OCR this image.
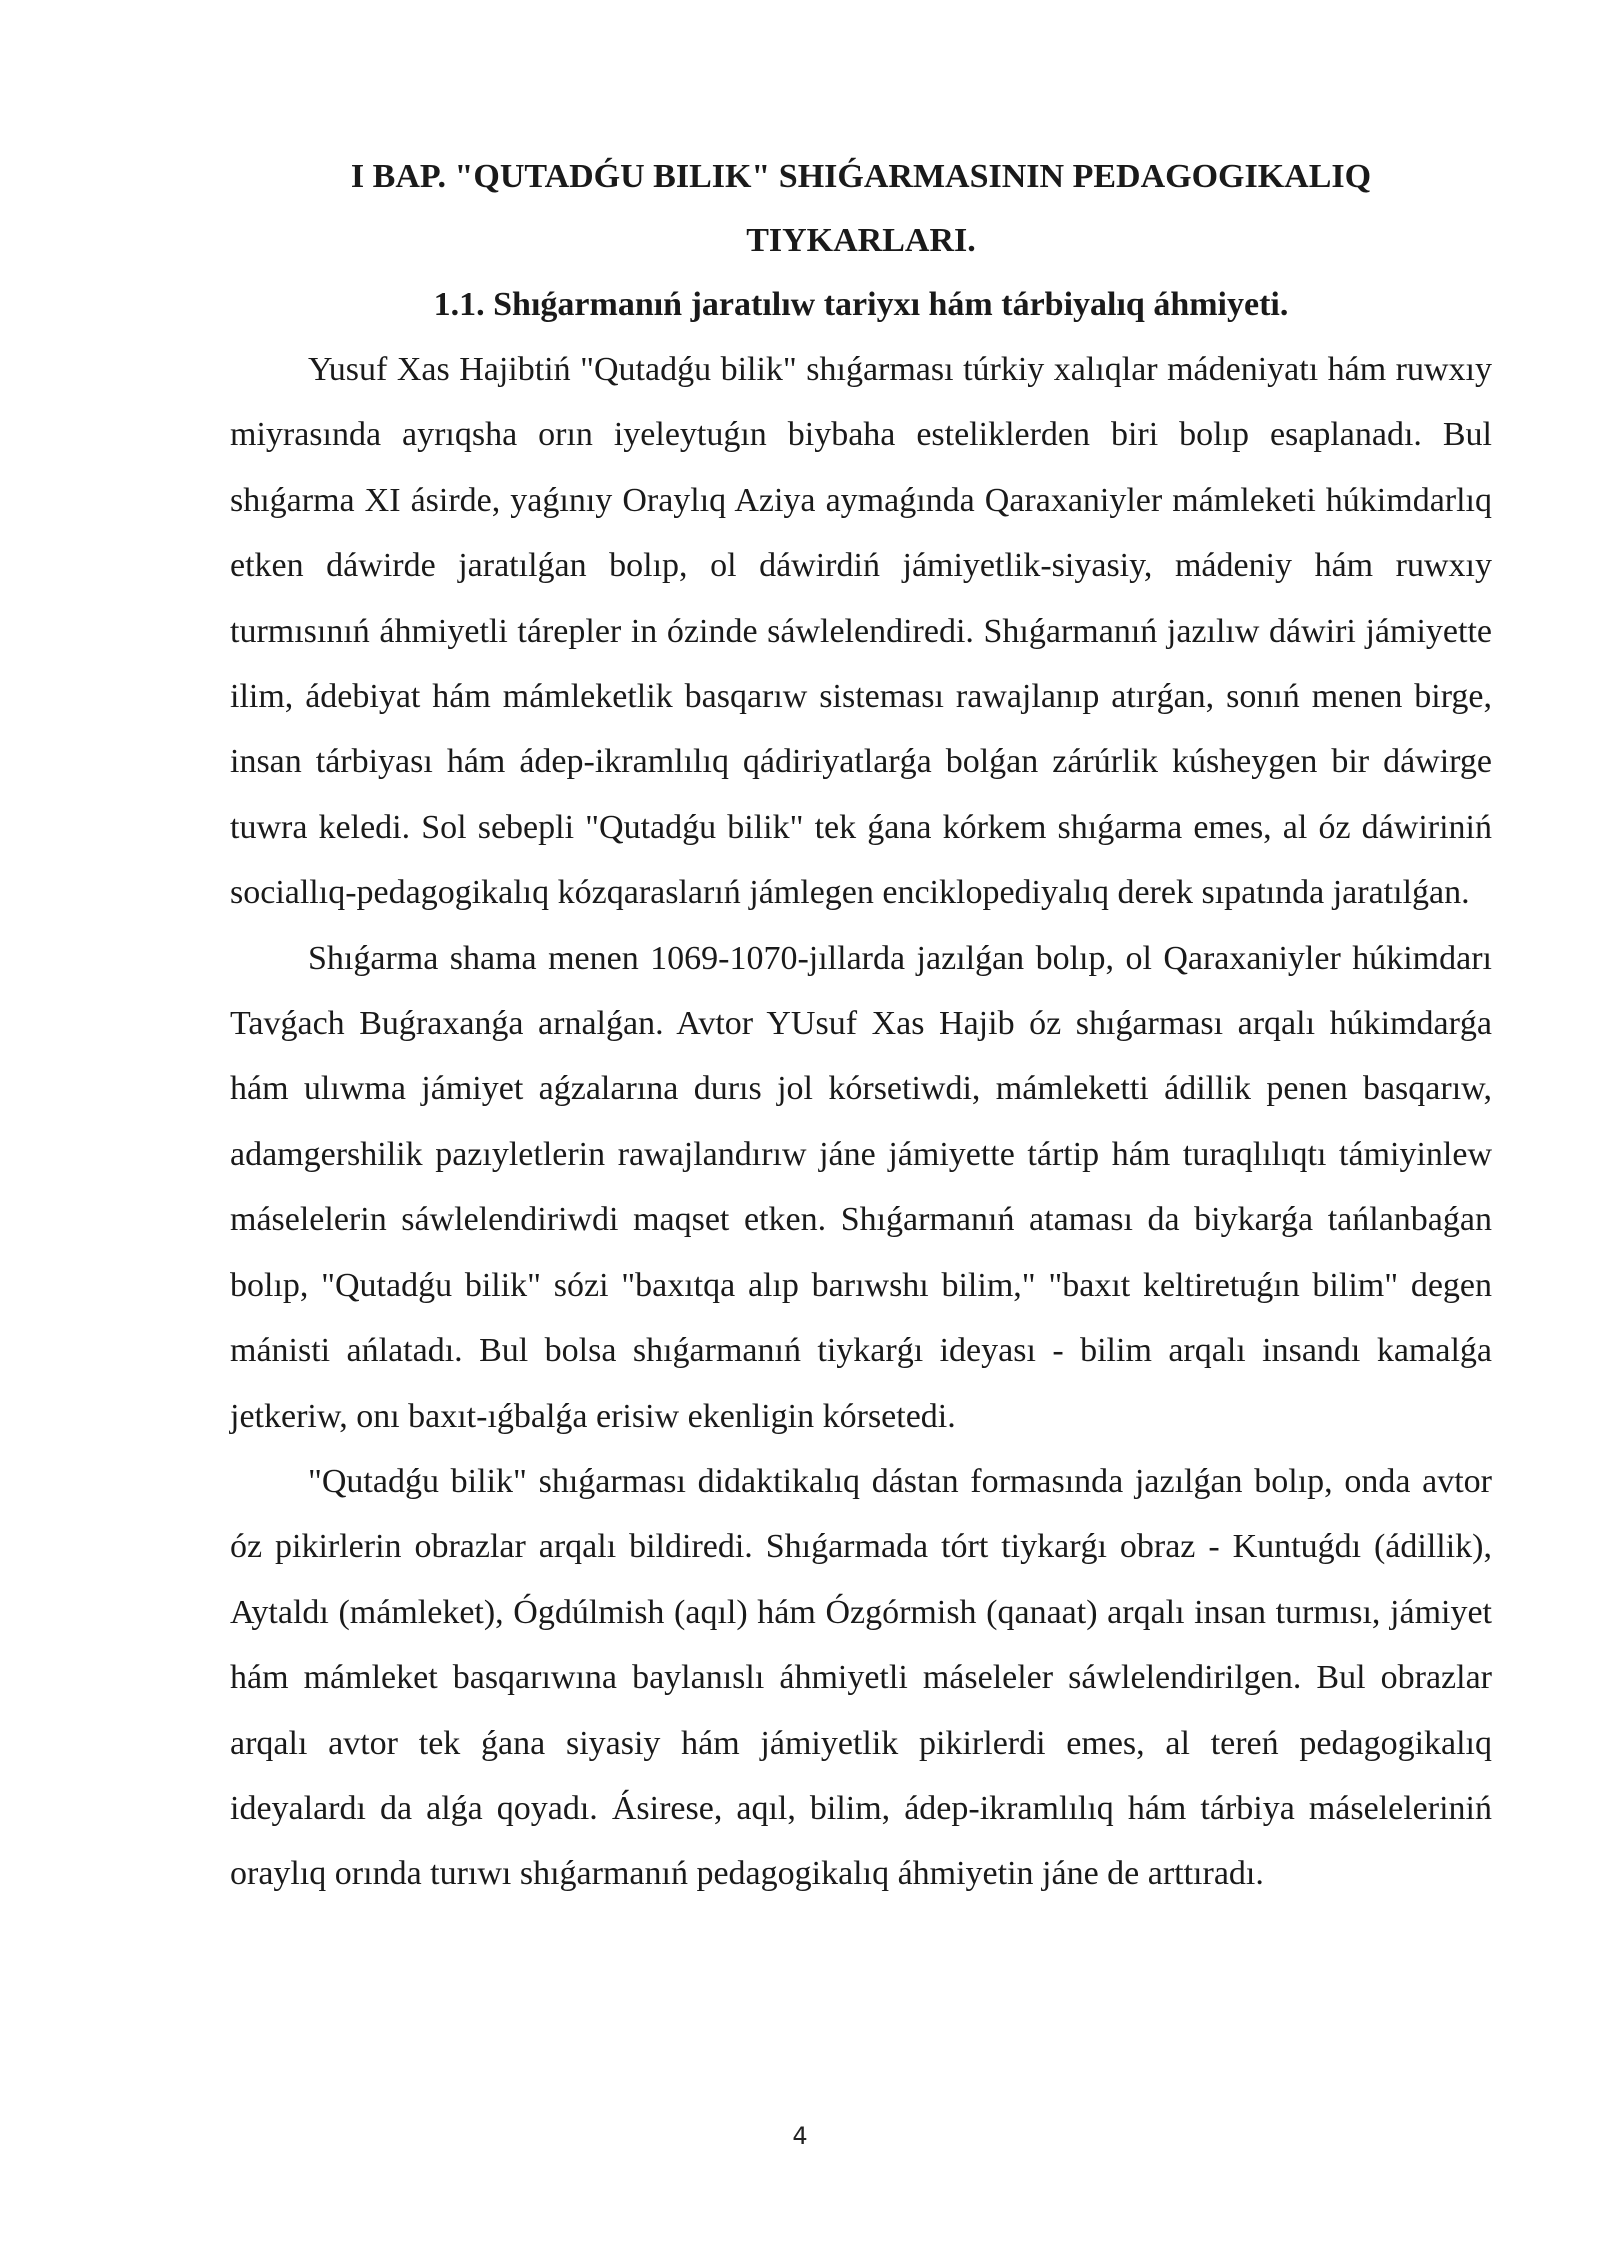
I BAP. "QUTADǴU BILIK" SHIǴARMASININ PEDAGOGIKALIQ
TIYKARLARI.
1.1. Shıǵarmanıń jaratılıw tariyxı hám tárbiyalıq áhmiyeti.

Yusuf Xas Hajibtiń "Qutadǵu bilik" shıǵarması túrkiy xalıqlar mádeniyatı hám ruwxıy miyrasında ayrıqsha orın iyeleytuǵın biybaha esteliklerden biri bolıp esaplanadı. Bul shıǵarma XI ásirde, yaǵınıy Oraylıq Aziya aymaǵında Qaraxaniyler mámleketi húkimdarlıq etken dáwirde jaratılǵan bolıp, ol dáwirdiń jámiyetlik-siyasiy, mádeniy hám ruwxıy turmısınıń áhmiyetli tárepler in ózinde sáwlelendiredi. Shıǵarmanıń jazılıw dáwiri jámiyette ilim, ádebiyat hám mámleketlik basqarıw sisteması rawajlanıp atırǵan, sonıń menen birge, insan tárbiyası hám ádep-ikramlılıq qádiriyatlarǵa bolǵan zárúrlik kúsheygen bir dáwirge tuwra keledi. Sol sebepli "Qutadǵu bilik" tek ǵana kórkem shıǵarma emes, al óz dáwiriniń sociallıq-pedagogikalıq kózqaraslarıń jámlegen enciklopediyalıq derek sıpatında jaratılǵan.

Shıǵarma shama menen 1069-1070-jıllarda jazılǵan bolıp, ol Qaraxaniyler húkimdarı Tavǵach Buǵraxanǵa arnalǵan. Avtor YUsuf Xas Hajib óz shıǵarması arqalı húkimdarǵa hám ulıwma jámiyet aǵzalarına durıs jol kórsetiwdi, mámleketti ádillik penen basqarıw, adamgershilik pazıyletlerin rawajlandırıw jáne jámiyette tártip hám turaqlılıqtı támiyinlew máselelerin sáwlelendiriwdi maqset etken. Shıǵarmanıń ataması da biykarǵa tańlanbaǵan bolıp, "Qutadǵu bilik" sózi "baxıtqa alıp barıwshı bilim," "baxıt keltiretuǵın bilim" degen mánisti ańlatadı. Bul bolsa shıǵarmanıń tiykarǵı ideyası - bilim arqalı insandı kamalǵa jetkeriw, onı baxıt-ıǵbalǵa erisiw ekenligin kórsetedi.

"Qutadǵu bilik" shıǵarması didaktikalıq dástan formasında jazılǵan bolıp, onda avtor óz pikirlerin obrazlar arqalı bildiredi. Shıǵarmada tórt tiykarǵı obraz - Kuntuǵdı (ádillik), Aytaldı (mámleket), Ógdúlmish (aqıl) hám Ózgórmish (qanaat) arqalı insan turmısı, jámiyet hám mámleket basqarıwına baylanıslı áhmiyetli máseleler sáwlelendirilgen. Bul obrazlar arqalı avtor tek ǵana siyasiy hám jámiyetlik pikirlerdi emes, al tereń pedagogikalıq ideyalardı da alǵa qoyadı. Ásirese, aqıl, bilim, ádep-ikramlılıq hám tárbiya máseleleriniń oraylıq orında turıwı shıǵarmanıń pedagogikalıq áhmiyetin jáne de arttıradı.

4
